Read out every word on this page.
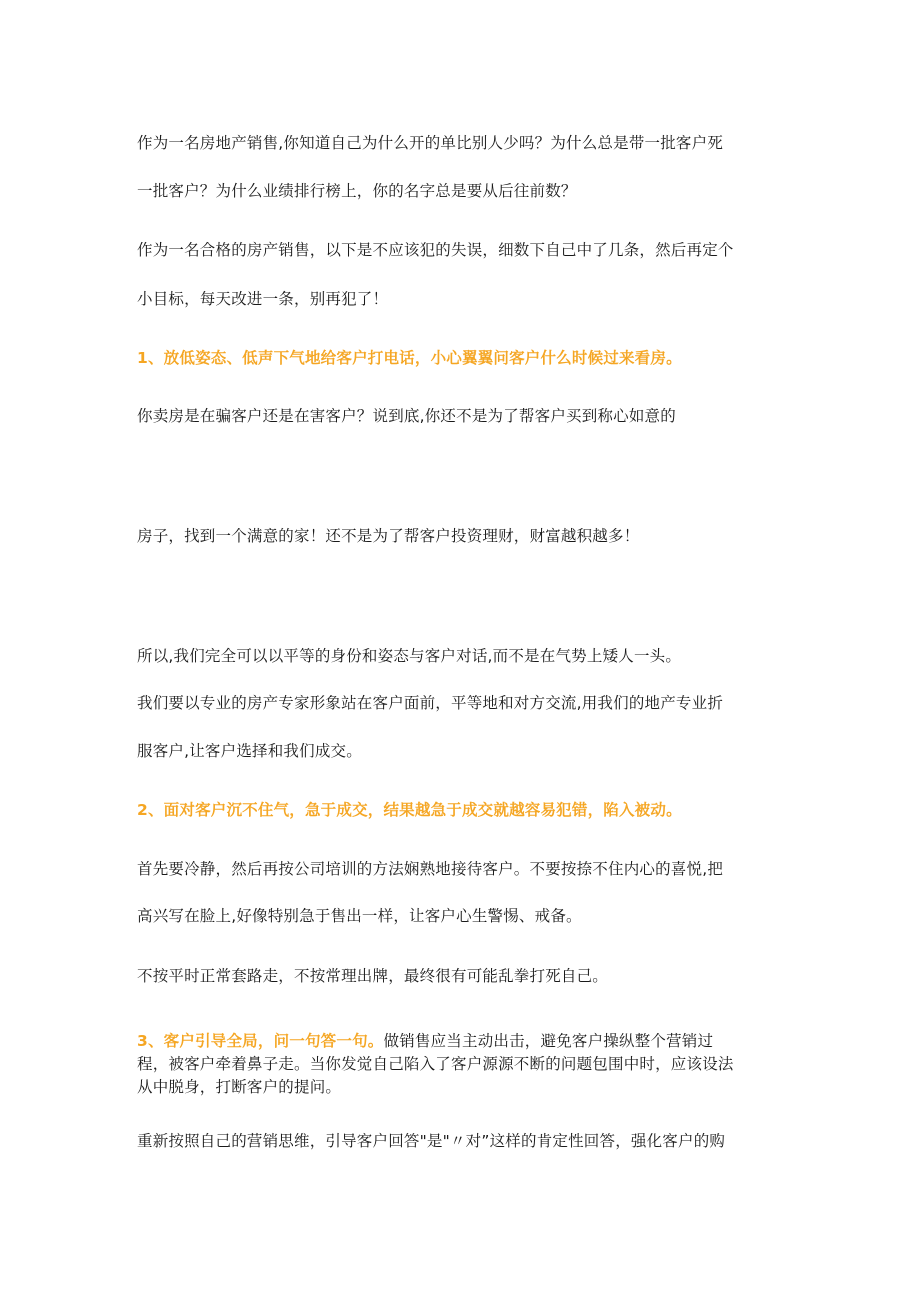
作为一名房地产销售,你知道自己为什么开的单比别人少吗？为什么总是带一批客户死
一批客户？为什么业绩排行榜上，你的名字总是要从后往前数？
作为一名合格的房产销售，以下是不应该犯的失误，细数下自己中了几条，然后再定个
小目标，每天改进一条，别再犯了！
1、放低姿态、低声下气地给客户打电话，小心翼翼问客户什么时候过来看房。
你卖房是在骗客户还是在害客户？说到底,你还不是为了帮客户买到称心如意的
房子，找到一个满意的家！还不是为了帮客户投资理财，财富越积越多！
所以,我们完全可以以平等的身份和姿态与客户对话,而不是在气势上矮人一头。
我们要以专业的房产专家形象站在客户面前，平等地和对方交流,用我们的地产专业折
服客户,让客户选择和我们成交。
2、面对客户沉不住气，急于成交，结果越急于成交就越容易犯错，陷入被动。
首先要冷静，然后再按公司培训的方法娴熟地接待客户。不要按捺不住内心的喜悦,把
高兴写在脸上,好像特别急于售出一样，让客户心生警惕、戒备。
不按平时正常套路走，不按常理出牌，最终很有可能乱拳打死自己。
3、客户引导全局，问一句答一句。做销售应当主动出击，避免客户操纵整个营销过
程，被客户牵着鼻子走。当你发觉自己陷入了客户源源不断的问题包围中时，应该设法
从中脱身，打断客户的提问。
重新按照自己的营销思维，引导客户回答"是"〃对”这样的肯定性回答，强化客户的购
